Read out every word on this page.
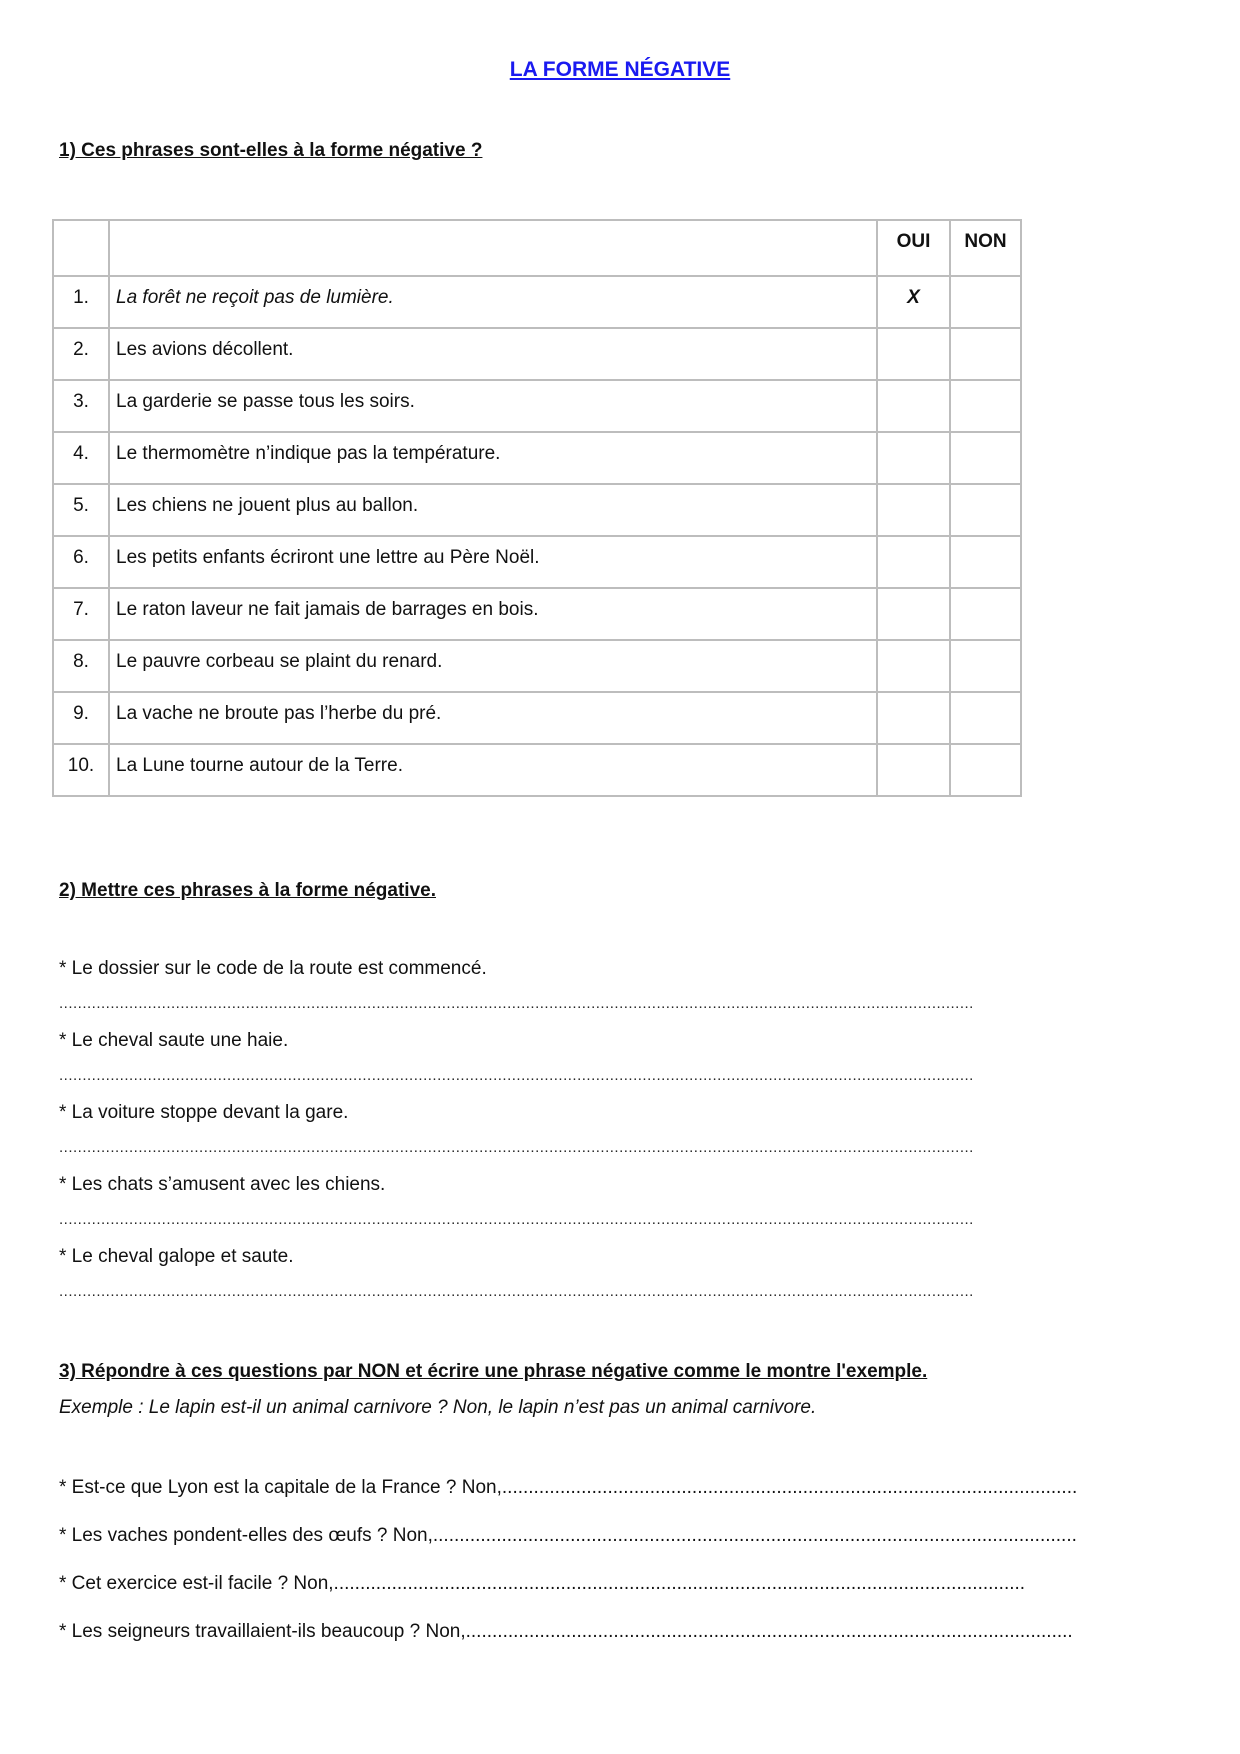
LA FORME NÉGATIVE
1) Ces phrases sont-elles à la forme négative ?
		OUI	NON
1.	La forêt ne reçoit pas de lumière.	X	
2.	Les avions décollent.		
3.	La garderie se passe tous les soirs.		
4.	Le thermomètre n’indique pas la température.		
5.	Les chiens ne jouent plus au ballon.		
6.	Les petits enfants écriront une lettre au Père Noël.		
7.	Le raton laveur ne fait jamais de barrages en bois.		
8.	Le pauvre corbeau se plaint du renard.		
9.	La vache ne broute pas l’herbe du pré.		
10.	La Lune tourne autour de la Terre.		
2) Mettre ces phrases à la forme négative.
* Le dossier sur le code de la route est commencé.
....................................................................................................................................................................................................
* Le cheval saute une haie.
....................................................................................................................................................................................................
* La voiture stoppe devant la gare.
....................................................................................................................................................................................................
* Les chats s’amusent avec les chiens.
....................................................................................................................................................................................................
* Le cheval galope et saute.
....................................................................................................................................................................................................
3) Répondre à ces questions par NON et écrire une phrase négative comme le montre l'exemple.
Exemple : Le lapin est-il un animal carnivore ? Non, le lapin n’est pas un animal carnivore.
* Est-ce que Lyon est la capitale de la France ? Non,.............................................................................................................
* Les vaches pondent-elles des œufs ? Non,..........................................................................................................................
* Cet exercice est-il facile ? Non,...................................................................................................................................
* Les seigneurs travaillaient-ils beaucoup ? Non,...................................................................................................................
